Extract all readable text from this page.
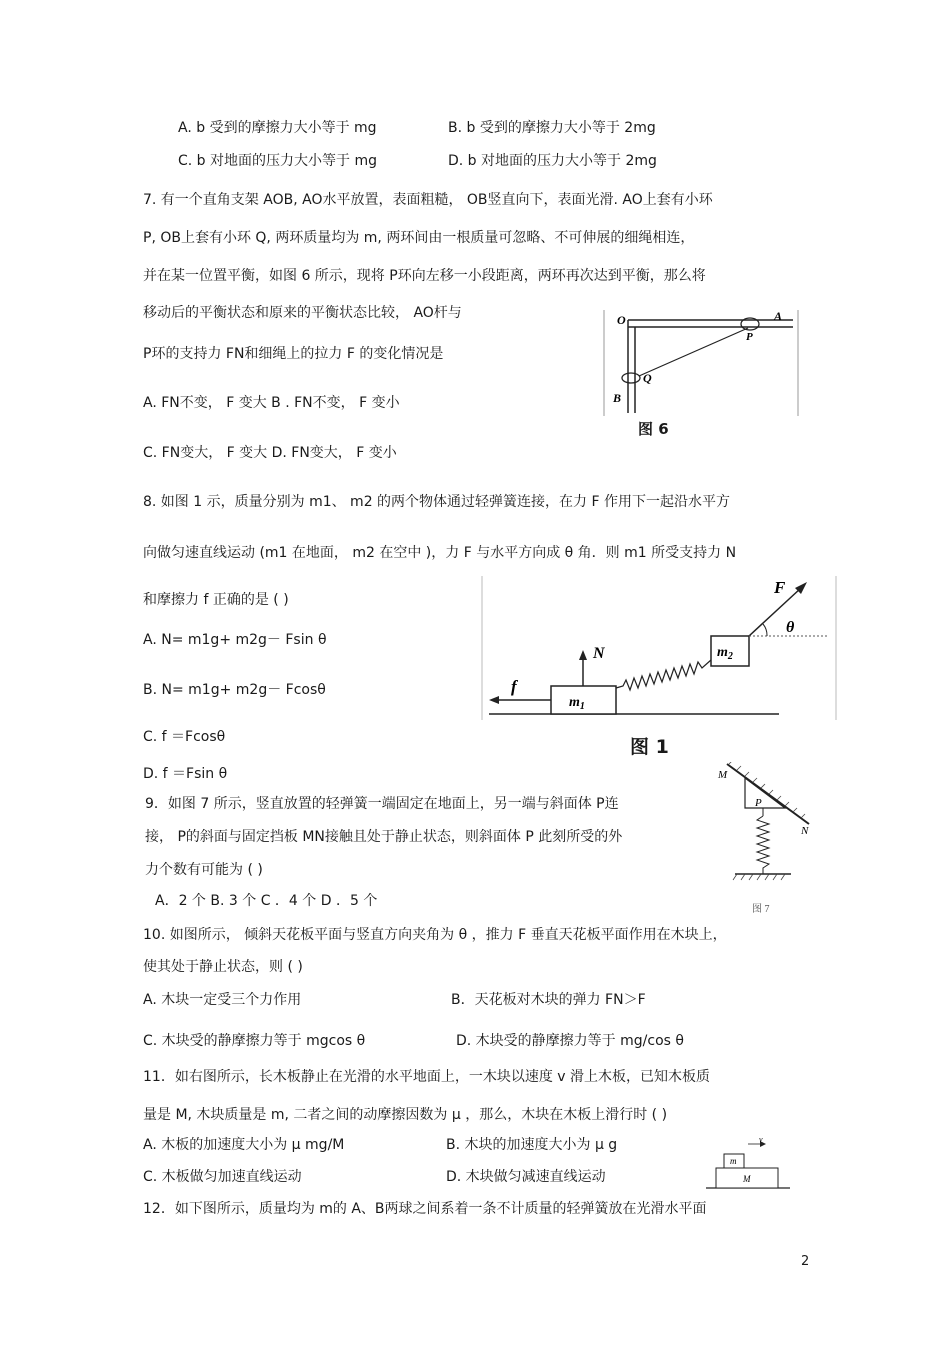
A. b 受到的摩擦力大小等于 mg	B. b 受到的摩擦力大小等于 2mg
C. b 对地面的压力大小等于 mg	D. b 对地面的压力大小等于 2mg
7. 有一个直角支架 AOB, AO水平放置，表面粗糙， OB竖直向下，表面光滑. AO上套有小环
P, OB上套有小环 Q, 两环质量均为 m, 两环间由一根质量可忽略、不可伸展的细绳相连，
并在某一位置平衡，如图 6 所示，现将 P环向左移一小段距离，两环再次达到平衡，那么将
移动后的平衡状态和原来的平衡状态比较， AO杆与
P环的支持力 FN和细绳上的拉力 F 的变化情况是
A. FN不变， F 变大 B . FN不变， F 变小
C. FN变大， F 变大 D. FN变大， F 变小
8. 如图 1 示，质量分别为 m1、 m2 的两个物体通过轻弹簧连接，在力 F 作用下一起沿水平方
向做匀速直线运动 (m1 在地面， m2 在空中 )，力 F 与水平方向成 θ 角．则 m1 所受支持力 N
和摩擦力 f 正确的是 ( )
A. N= m1g+ m2g－ Fsin θ
B. N= m1g+ m2g－ Fcosθ
C. f ＝Fcosθ
D. f ＝Fsin θ
9．如图 7 所示，竖直放置的轻弹簧一端固定在地面上，另一端与斜面体 P连
接， P的斜面与固定挡板 MN接触且处于静止状态，则斜面体 P 此刻所受的外
力个数有可能为 ( )
A．2 个 B. 3 个 C ．4 个 D ．5 个
10. 如图所示， 倾斜天花板平面与竖直方向夹角为 θ ，推力 F 垂直天花板平面作用在木块上，
使其处于静止状态，则 ( )
A. 木块一定受三个力作用	B．天花板对木块的弹力 FN＞F
C. 木块受的静摩擦力等于 mgcos θ	D. 木块受的静摩擦力等于 mg/cos θ
11．如右图所示，长木板静止在光滑的水平地面上，一木块以速度 v 滑上木板，已知木板质
量是 M, 木块质量是 m, 二者之间的动摩擦因数为 μ ，那么，木块在木板上滑行时 ( )
A. 木板的加速度大小为 μ mg/M	B. 木块的加速度大小为 μ g
C. 木板做匀加速直线运动	D. 木块做匀减速直线运动
12．如下图所示，质量均为 m的 A、B两球之间系着一条不计质量的轻弹簧放在光滑水平面
O	A
P
Q
B
图 6
$m_1$
$m_2$
f
N
F
θ
图 1
P
M
N
图 7
M
m
v
2
